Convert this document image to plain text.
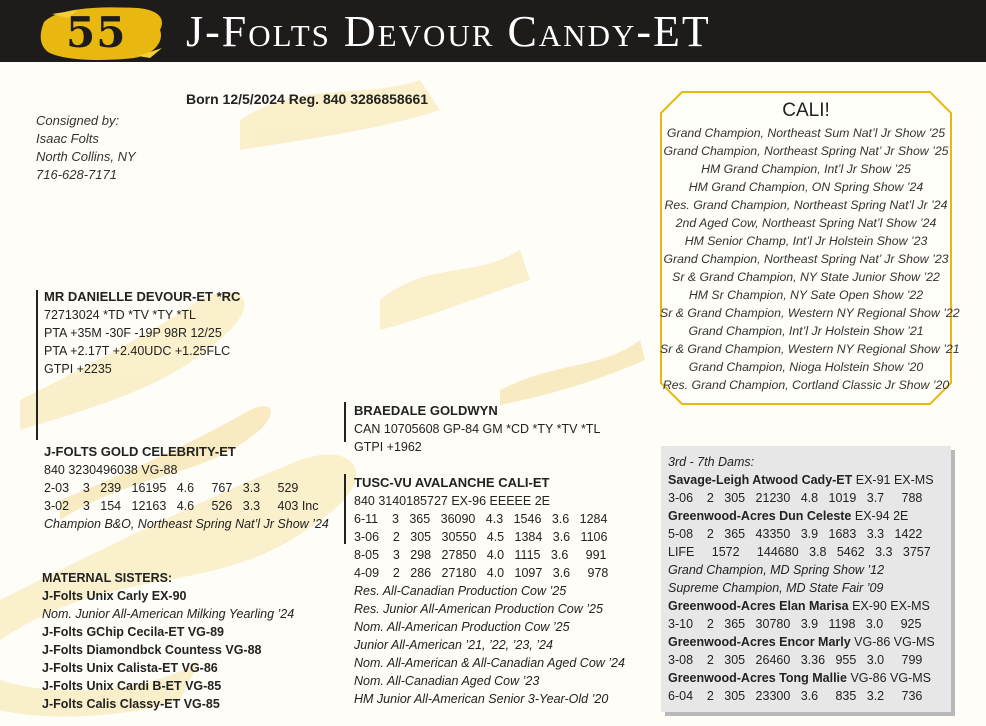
55 J-Folts Devour Candy-ET
Born 12/5/2024 Reg. 840 3286858661
Consigned by:
Isaac Folts
North Collins, NY
716-628-7171
MR DANIELLE DEVOUR-ET *RC
72713024 *TD *TV *TY *TL
PTA +35M -30F -19P 98R 12/25
PTA +2.17T +2.40UDC +1.25FLC
GTPI +2235
J-FOLTS GOLD CELEBRITY-ET
840 3230496038 VG-88
2-03    3   239   16195   4.6     767   3.3     529
3-02    3   154   12163   4.6     526   3.3     403 Inc
Champion B&O, Northeast Spring Nat’l Jr Show ’24
BRAEDALE GOLDWYN
CAN 10705608 GP-84 GM *CD *TY *TV *TL
GTPI +1962
TUSC-VU AVALANCHE CALI-ET
840 3140185727 EX-96 EEEEE 2E
6-11    3   365   36090   4.3   1546   3.6   1284
3-06    2   305   30550   4.5   1384   3.6   1106
8-05    3   298   27850   4.0   1115   3.6     991
4-09    2   286   27180   4.0   1097   3.6     978
Res. All-Canadian Production Cow ’25
Res. Junior All-American Production Cow ’25
Nom. All-American Production Cow ’25
Junior All-American ’21, ’22, ’23, ’24
Nom. All-American & All-Canadian Aged Cow ’24
Nom. All-Canadian Aged Cow ’23
HM Junior All-American Senior 3-Year-Old ’20
MATERNAL SISTERS:
J-Folts Unix Carly EX-90
Nom. Junior All-American Milking Yearling ’24
J-Folts GChip Cecila-ET VG-89
J-Folts Diamondbck Countess VG-88
J-Folts Unix Calista-ET VG-86
J-Folts Unix Cardi B-ET VG-85
J-Folts Calis Classy-ET VG-85
CALI!
Grand Champion, Northeast Sum Nat’l Jr Show ’25
Grand Champion, Northeast Spring Nat’ Jr Show ’25
HM Grand Champion, Int’l Jr Show ’25
HM Grand Champion, ON Spring Show ’24
Res. Grand Champion, Northeast Spring Nat’l Jr ’24
2nd Aged Cow, Northeast Spring Nat’l Show ’24
HM Senior Champ, Int’l Jr Holstein Show ’23
Grand Champion, Northeast Spring Nat’ Jr Show ’23
Sr & Grand Champion, NY State Junior Show ’22
HM Sr Champion, NY Sate Open Show ’22
Sr & Grand Champion, Western NY Regional Show ’22
Grand Champion, Int’l Jr Holstein Show ’21
Sr & Grand Champion, Western NY Regional Show ’21
Grand Champion, Nioga Holstein Show ’20
Res. Grand Champion, Cortland Classic Jr Show ’20
3rd - 7th Dams:
Savage-Leigh Atwood Cady-ET EX-91 EX-MS
3-06    2   305   21230   4.8   1019   3.7     788
Greenwood-Acres Dun Celeste EX-94 2E
5-08    2   365   43350   3.9   1683   3.3   1422
LIFE     1572     144680   3.8   5462   3.3   3757
Grand Champion, MD Spring Show ’12
Supreme Champion, MD State Fair ’09
Greenwood-Acres Elan Marisa EX-90 EX-MS
3-10    2   365   30780   3.9   1198   3.0     925
Greenwood-Acres Encor Marly VG-86 VG-MS
3-08    2   305   26460   3.36   955   3.0     799
Greenwood-Acres Tong Mallie VG-86 VG-MS
6-04    2   305   23300   3.6     835   3.2     736
